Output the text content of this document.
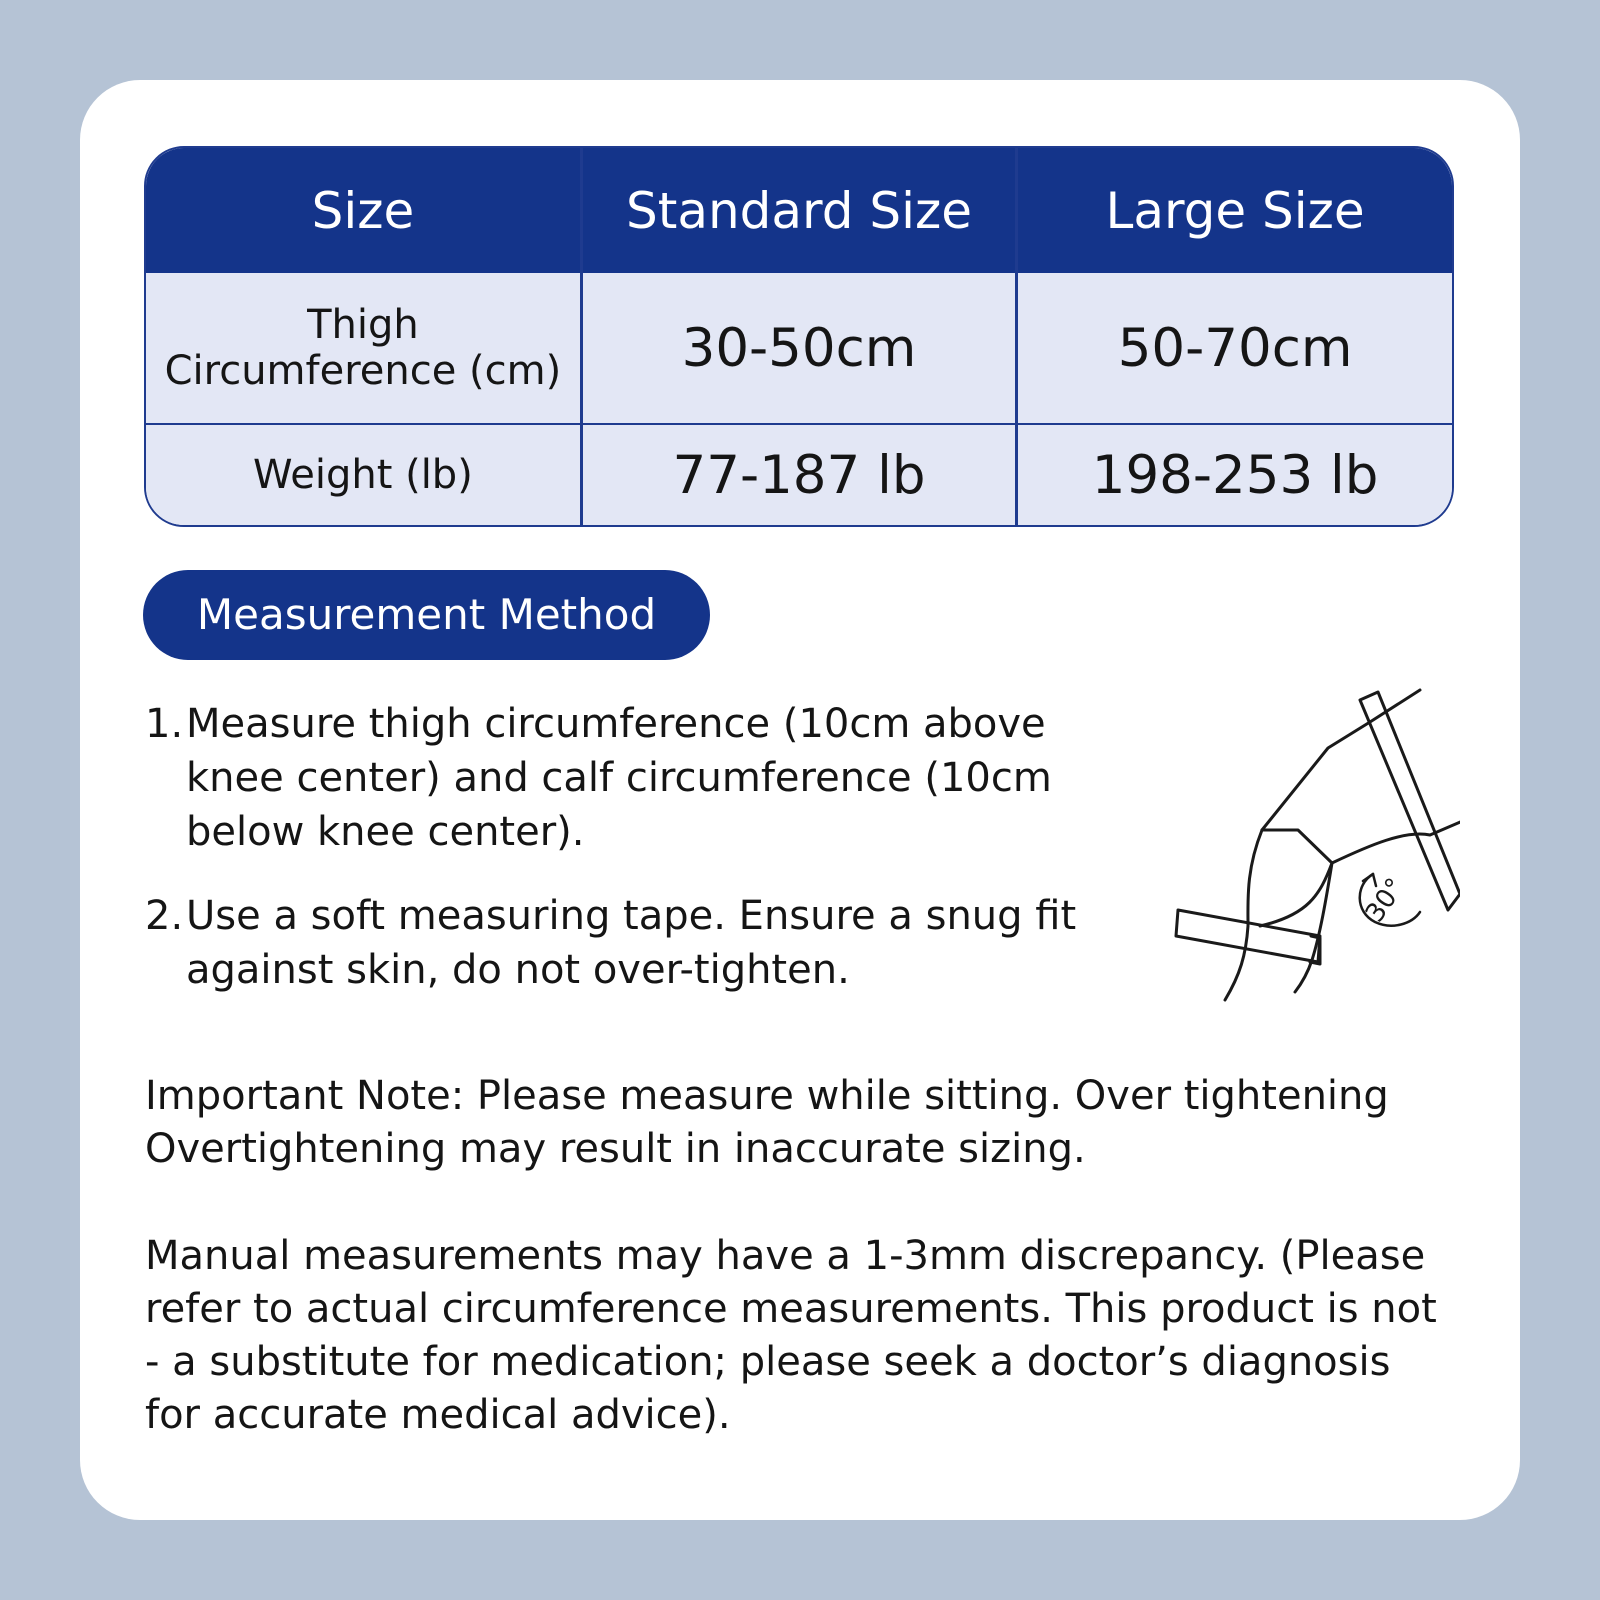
Size	Standard Size	Large Size

Thigh
Circumference (cm)	30-50cm	50-70cm

Weight (lb)	77-187 lb	198-253 lb
Measurement Method
1. Measure thigh circumference (10cm above knee center) and calf circumference (10cm below knee center).
2. Use a soft measuring tape. Ensure a snug fit against skin, do not over-tighten.
30°

Important Note: Please measure while sitting. Over tightening Overtightening may result in inaccurate sizing.

Manual measurements may have a 1-3mm discrepancy. (Please refer to actual circumference measurements. This product is not - a substitute for medication; please seek a doctor’s diagnosis for accurate medical advice).
